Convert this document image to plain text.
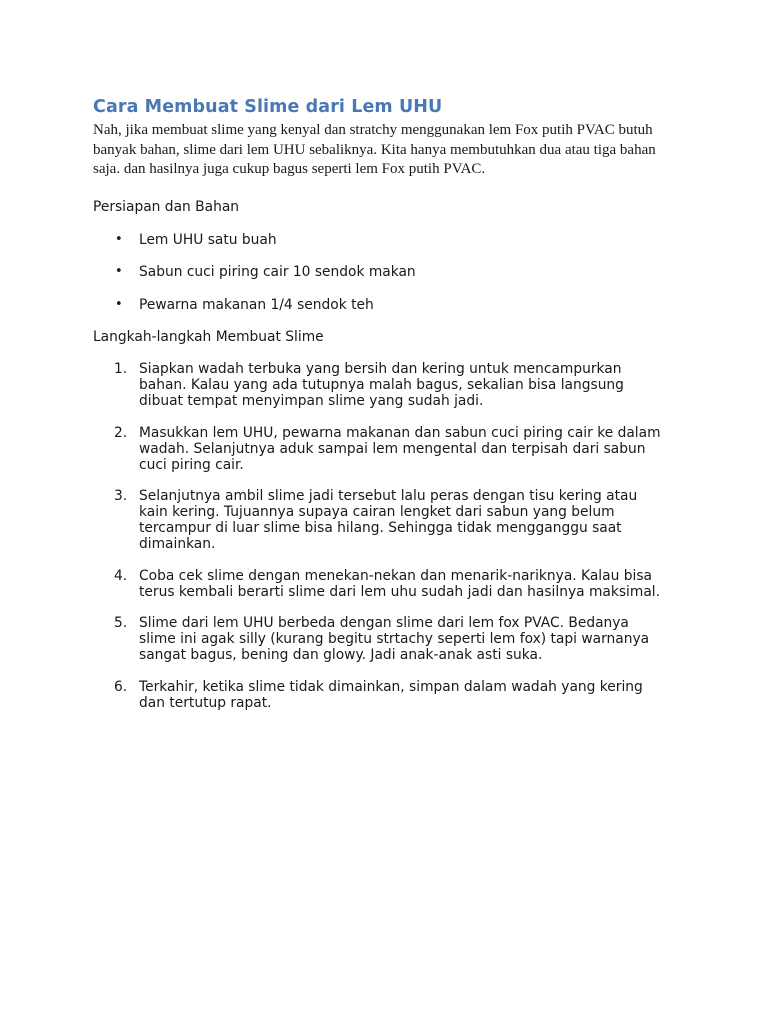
Cara Membuat Slime dari Lem UHU

Nah, jika membuat slime yang kenyal dan stratchy menggunakan lem Fox putih PVAC butuh banyak bahan, slime dari lem UHU sebaliknya. Kita hanya membutuhkan dua atau tiga bahan saja. dan hasilnya juga cukup bagus seperti lem Fox putih PVAC.

Persiapan dan Bahan
•	Lem UHU satu buah
•	Sabun cuci piring cair 10 sendok makan
•	Pewarna makanan 1/4 sendok teh
Langkah-langkah Membuat Slime
1. Siapkan wadah terbuka yang bersih dan kering untuk mencampurkan bahan. Kalau yang ada tutupnya malah bagus, sekalian bisa langsung dibuat tempat menyimpan slime yang sudah jadi.
2. Masukkan lem UHU, pewarna makanan dan sabun cuci piring cair ke dalam wadah. Selanjutnya aduk sampai lem mengental dan terpisah dari sabun cuci piring cair.
3. Selanjutnya ambil slime jadi tersebut lalu peras dengan tisu kering atau kain kering. Tujuannya supaya cairan lengket dari sabun yang belum tercampur di luar slime bisa hilang. Sehingga tidak mengganggu saat dimainkan.
4. Coba cek slime dengan menekan-nekan dan menarik-nariknya. Kalau bisa terus kembali berarti slime dari lem uhu sudah jadi dan hasilnya maksimal.
5. Slime dari lem UHU berbeda dengan slime dari lem fox PVAC. Bedanya slime ini agak silly (kurang begitu strtachy seperti lem fox) tapi warnanya sangat bagus, bening dan glowy. Jadi anak-anak asti suka.
6. Terkahir, ketika slime tidak dimainkan, simpan dalam wadah yang kering dan tertutup rapat.
